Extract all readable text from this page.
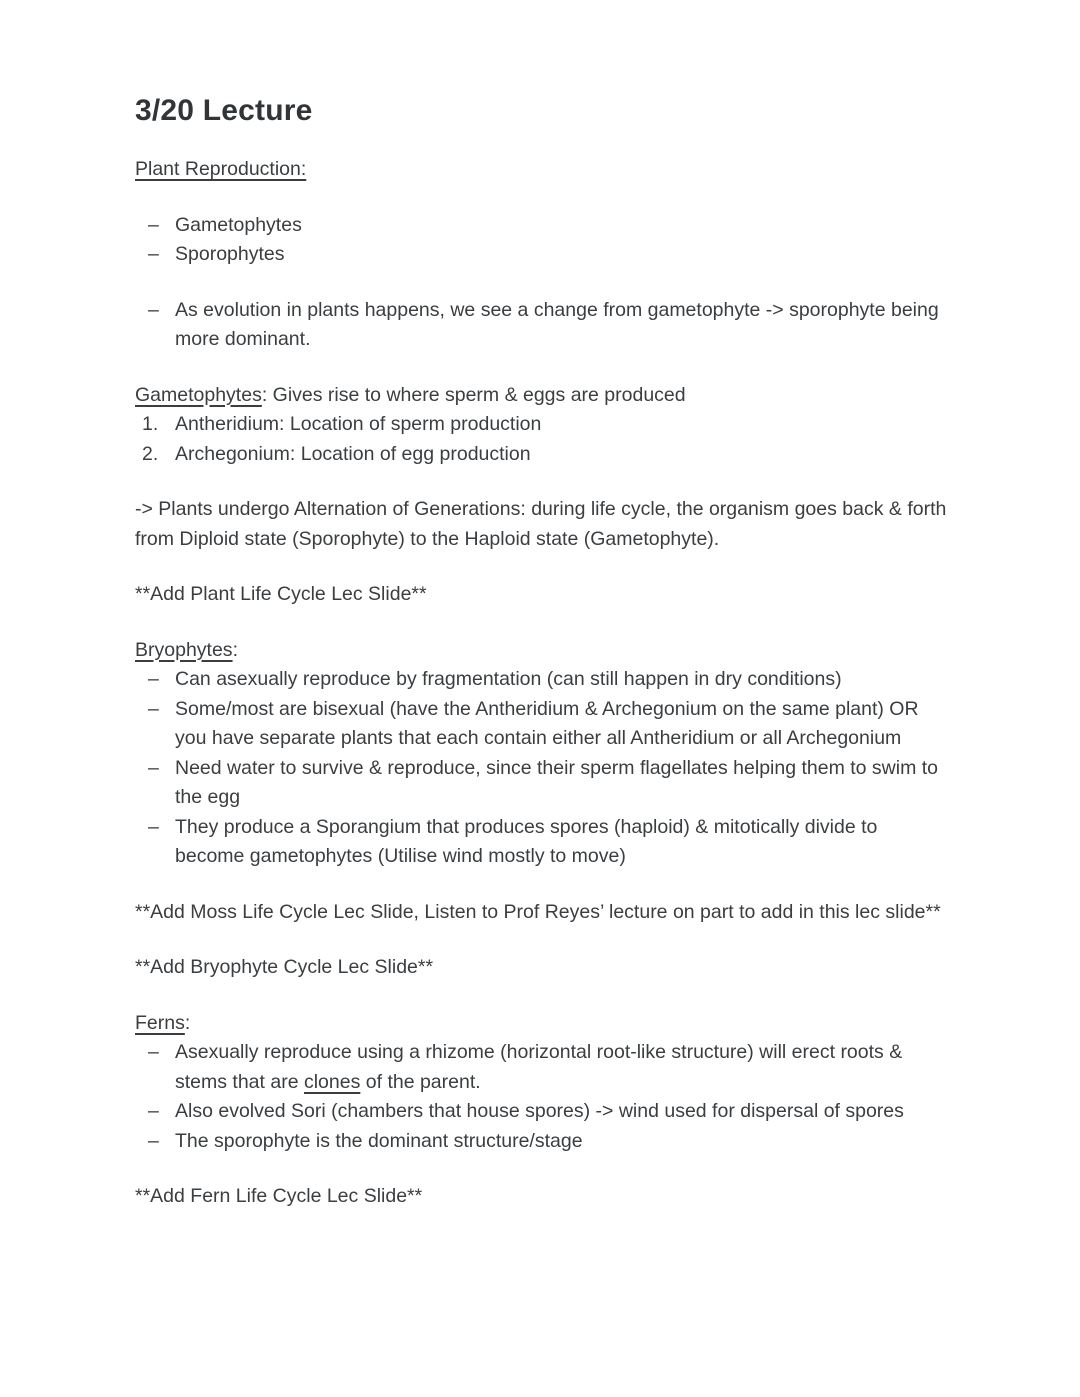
3/20 Lecture

Plant Reproduction:

– Gametophytes
– Sporophytes
– As evolution in plants happens, we see a change from gametophyte -> sporophyte being more dominant.

Gametophytes: Gives rise to where sperm & eggs are produced

1. Antheridium: Location of sperm production
2. Archegonium: Location of egg production

-> Plants undergo Alternation of Generations: during life cycle, the organism goes back & forth from Diploid state (Sporophyte) to the Haploid state (Gametophyte).

**Add Plant Life Cycle Lec Slide**

Bryophytes:

– Can asexually reproduce by fragmentation (can still happen in dry conditions)
– Some/most are bisexual (have the Antheridium & Archegonium on the same plant) OR you have separate plants that each contain either all Antheridium or all Archegonium
– Need water to survive & reproduce, since their sperm flagellates helping them to swim to the egg
– They produce a Sporangium that produces spores (haploid) & mitotically divide to become gametophytes (Utilise wind mostly to move)

**Add Moss Life Cycle Lec Slide, Listen to Prof Reyes’ lecture on part to add in this lec slide**

**Add Bryophyte Cycle Lec Slide**

Ferns:

– Asexually reproduce using a rhizome (horizontal root-like structure) will erect roots & stems that are clones of the parent.
– Also evolved Sori (chambers that house spores) -> wind used for dispersal of spores
– The sporophyte is the dominant structure/stage

**Add Fern Life Cycle Lec Slide**
